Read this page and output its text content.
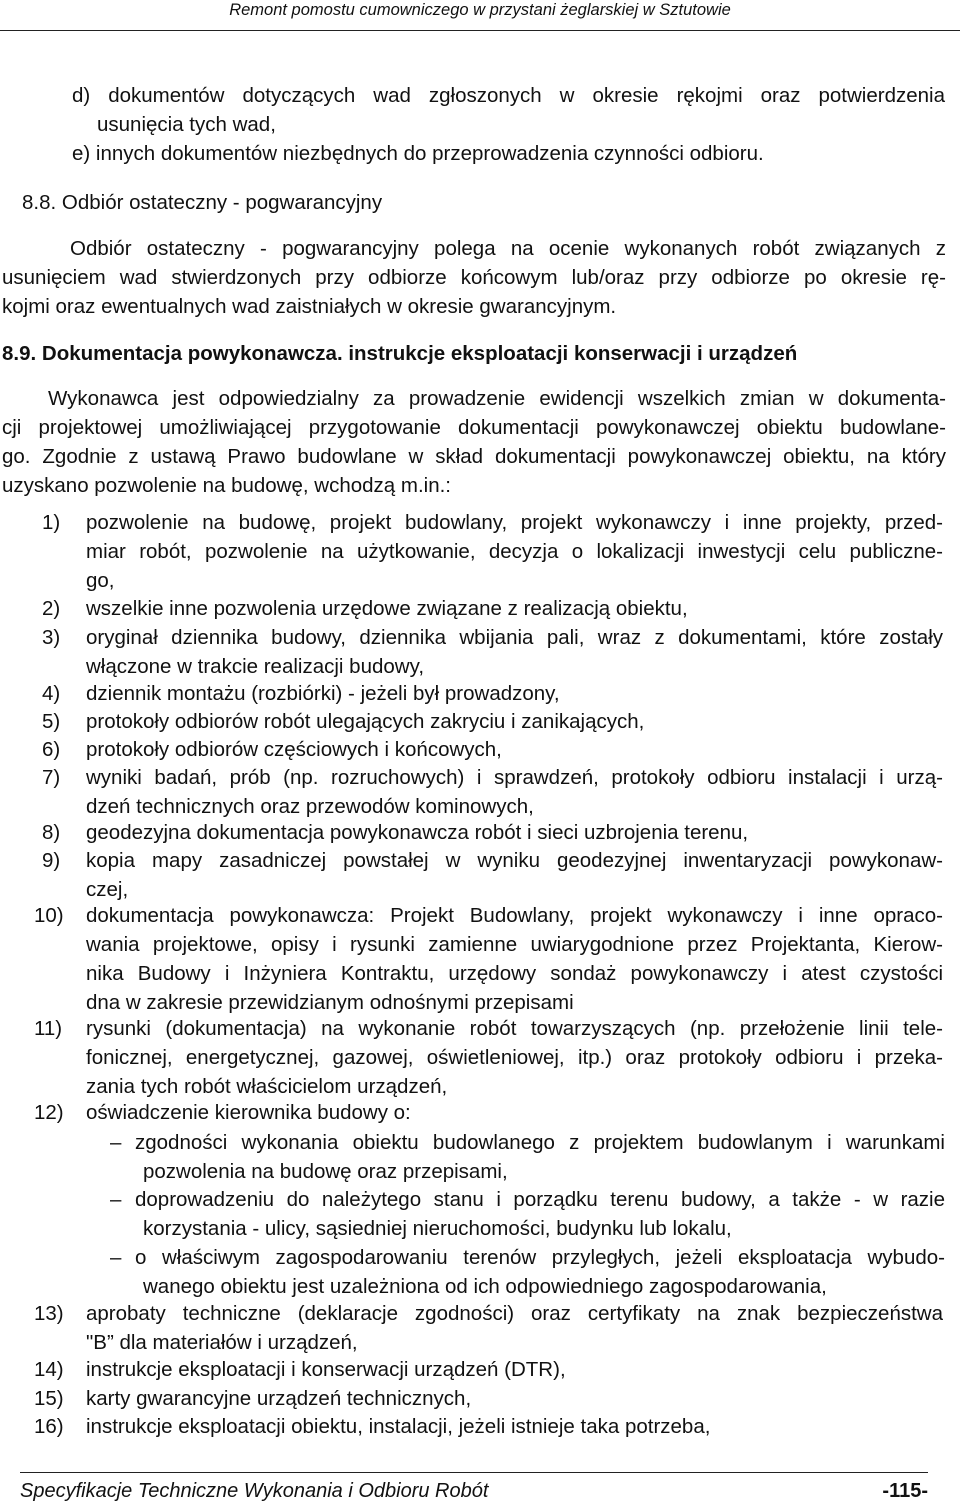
Remont pomostu cumowniczego w przystani żeglarskiej w Sztutowie
d) dokumentów dotyczących wad zgłoszonych w okresie rękojmi oraz potwierdzenia
usunięcia tych wad,
e) innych dokumentów niezbędnych do przeprowadzenia czynności odbioru.
8.8. Odbiór ostateczny - pogwarancyjny
Odbiór ostateczny - pogwarancyjny polega na ocenie wykonanych robót związanych z
usunięciem wad stwierdzonych przy odbiorze końcowym lub/oraz przy odbiorze po okresie rę-
kojmi oraz ewentualnych wad zaistniałych w okresie gwarancyjnym.
8.9. Dokumentacja powykonawcza. instrukcje eksploatacji konserwacji i urządzeń
Wykonawca jest odpowiedzialny za prowadzenie ewidencji wszelkich zmian w dokumenta-
cji projektowej umożliwiającej przygotowanie dokumentacji powykonawczej obiektu budowlane-
go. Zgodnie z ustawą Prawo budowlane w skład dokumentacji powykonawczej obiektu, na który
uzyskano pozwolenie na budowę, wchodzą m.in.:
1) pozwolenie na budowę, projekt budowlany, projekt wykonawczy i inne projekty, przed-
miar robót, pozwolenie na użytkowanie, decyzja o lokalizacji inwestycji celu publiczne-
go,
2) wszelkie inne pozwolenia urzędowe związane z realizacją obiektu,
3) oryginał dziennika budowy, dziennika wbijania pali, wraz z dokumentami, które zostały
włączone w trakcie realizacji budowy,
4) dziennik montażu (rozbiórki) - jeżeli był prowadzony,
5) protokoły odbiorów robót ulegających zakryciu i zanikających,
6) protokoły odbiorów częściowych i końcowych,
7) wyniki badań, prób (np. rozruchowych) i sprawdzeń, protokoły odbioru instalacji i urzą-
dzeń technicznych oraz przewodów kominowych,
8) geodezyjna dokumentacja powykonawcza robót i sieci uzbrojenia terenu,
9) kopia mapy zasadniczej powstałej w wyniku geodezyjnej inwentaryzacji powykonaw-
czej,
10) dokumentacja powykonawcza: Projekt Budowlany, projekt wykonawczy i inne opraco-
wania projektowe, opisy i rysunki zamienne uwiarygodnione przez Projektanta, Kierow-
nika Budowy i Inżyniera Kontraktu, urzędowy sondaż powykonawczy i atest czystości
dna w zakresie przewidzianym odnośnymi przepisami
11) rysunki (dokumentacja) na wykonanie robót towarzyszących (np. przełożenie linii tele-
fonicznej, energetycznej, gazowej, oświetleniowej, itp.) oraz protokoły odbioru i przeka-
zania tych robót właścicielom urządzeń,
12) oświadczenie kierownika budowy o:
– zgodności wykonania obiektu budowlanego z projektem budowlanym i warunkami
pozwolenia na budowę oraz przepisami,
– doprowadzeniu do należytego stanu i porządku terenu budowy, a także - w razie
korzystania - ulicy, sąsiedniej nieruchomości, budynku lub lokalu,
– o właściwym zagospodarowaniu terenów przyległych, jeżeli eksploatacja wybudo-
wanego obiektu jest uzależniona od ich odpowiedniego zagospodarowania,
13) aprobaty techniczne (deklaracje zgodności) oraz certyfikaty na znak bezpieczeństwa
"B” dla materiałów i urządzeń,
14) instrukcje eksploatacji i konserwacji urządzeń (DTR),
15) karty gwarancyjne urządzeń technicznych,
16) instrukcje eksploatacji obiektu, instalacji, jeżeli istnieje taka potrzeba,
Specyfikacje Techniczne Wykonania i Odbioru Robót	-115-
